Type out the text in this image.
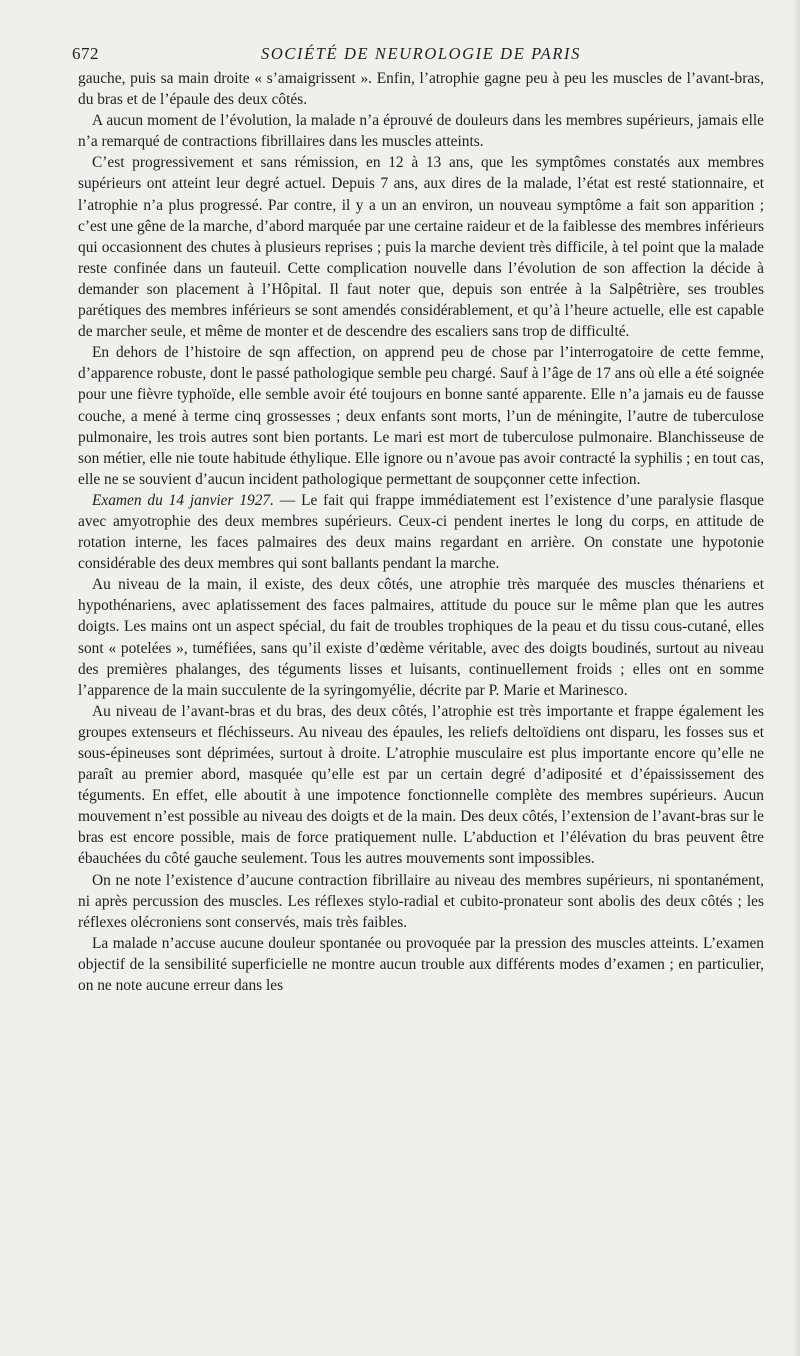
672	SOCIÉTÉ DE NEUROLOGIE DE PARIS

gauche, puis sa main droite « s’amaigrissent ». Enfin, l’atrophie gagne peu à peu les muscles de l’avant-bras, du bras et de l’épaule des deux côtés.

A aucun moment de l’évolution, la malade n’a éprouvé de douleurs dans les membres supérieurs, jamais elle n’a remarqué de contractions fibrillaires dans les muscles atteints.

C’est progressivement et sans rémission, en 12 à 13 ans, que les symptômes constatés aux membres supérieurs ont atteint leur degré actuel. Depuis 7 ans, aux dires de la malade, l’état est resté stationnaire, et l’atrophie n’a plus progressé. Par contre, il y a un an environ, un nouveau symptôme a fait son apparition ; c’est une gêne de la marche, d’abord marquée par une certaine raideur et de la faiblesse des membres inférieurs qui occasionnent des chutes à plusieurs reprises ; puis la marche devient très difficile, à tel point que la malade reste confinée dans un fauteuil. Cette complication nouvelle dans l’évolution de son affection la décide à demander son placement à l’Hôpital. Il faut noter que, depuis son entrée à la Salpêtrière, ses troubles parétiques des membres inférieurs se sont amendés considérablement, et qu’à l’heure actuelle, elle est capable de marcher seule, et même de monter et de descendre des escaliers sans trop de difficulté.

En dehors de l’histoire de sqn affection, on apprend peu de chose par l’interrogatoire de cette femme, d’apparence robuste, dont le passé pathologique semble peu chargé. Sauf à l’âge de 17 ans où elle a été soignée pour une fièvre typhoïde, elle semble avoir été toujours en bonne santé apparente. Elle n’a jamais eu de fausse couche, a mené à terme cinq grossesses ; deux enfants sont morts, l’un de méningite, l’autre de tuberculose pulmonaire, les trois autres sont bien portants. Le mari est mort de tuberculose pulmonaire. Blanchisseuse de son métier, elle nie toute habitude éthylique. Elle ignore ou n’avoue pas avoir contracté la syphilis ; en tout cas, elle ne se souvient d’aucun incident pathologique permettant de soupçonner cette infection.

Examen du 14 janvier 1927. — Le fait qui frappe immédiatement est l’existence d’une paralysie flasque avec amyotrophie des deux membres supérieurs. Ceux-ci pendent inertes le long du corps, en attitude de rotation interne, les faces palmaires des deux mains regardant en arrière. On constate une hypotonie considérable des deux membres qui sont ballants pendant la marche.

Au niveau de la main, il existe, des deux côtés, une atrophie très marquée des muscles thénariens et hypothénariens, avec aplatissement des faces palmaires, attitude du pouce sur le même plan que les autres doigts. Les mains ont un aspect spécial, du fait de troubles trophiques de la peau et du tissu cous-cutané, elles sont « potelées », tuméfiées, sans qu’il existe d’œdème véritable, avec des doigts boudinés, surtout au niveau des premières phalanges, des téguments lisses et luisants, continuellement froids ; elles ont en somme l’apparence de la main succulente de la syringomyélie, décrite par P. Marie et Marinesco.

Au niveau de l’avant-bras et du bras, des deux côtés, l’atrophie est très importante et frappe également les groupes extenseurs et fléchisseurs. Au niveau des épaules, les reliefs deltoïdiens ont disparu, les fosses sus et sous-épineuses sont déprimées, surtout à droite. L’atrophie musculaire est plus importante encore qu’elle ne paraît au premier abord, masquée qu’elle est par un certain degré d’adiposité et d’épaississement des téguments. En effet, elle aboutit à une impotence fonctionnelle complète des membres supérieurs. Aucun mouvement n’est possible au niveau des doigts et de la main. Des deux côtés, l’extension de l’avant-bras sur le bras est encore possible, mais de force pratiquement nulle. L’abduction et l’élévation du bras peuvent être ébauchées du côté gauche seulement. Tous les autres mouvements sont impossibles.

On ne note l’existence d’aucune contraction fibrillaire au niveau des membres supérieurs, ni spontanément, ni après percussion des muscles. Les réflexes stylo-radial et cubito-pronateur sont abolis des deux côtés ; les réflexes olécroniens sont conservés, mais très faibles.

La malade n’accuse aucune douleur spontanée ou provoquée par la pression des muscles atteints. L’examen objectif de la sensibilité superficielle ne montre aucun trouble aux différents modes d’examen ; en particulier, on ne note aucune erreur dans les
